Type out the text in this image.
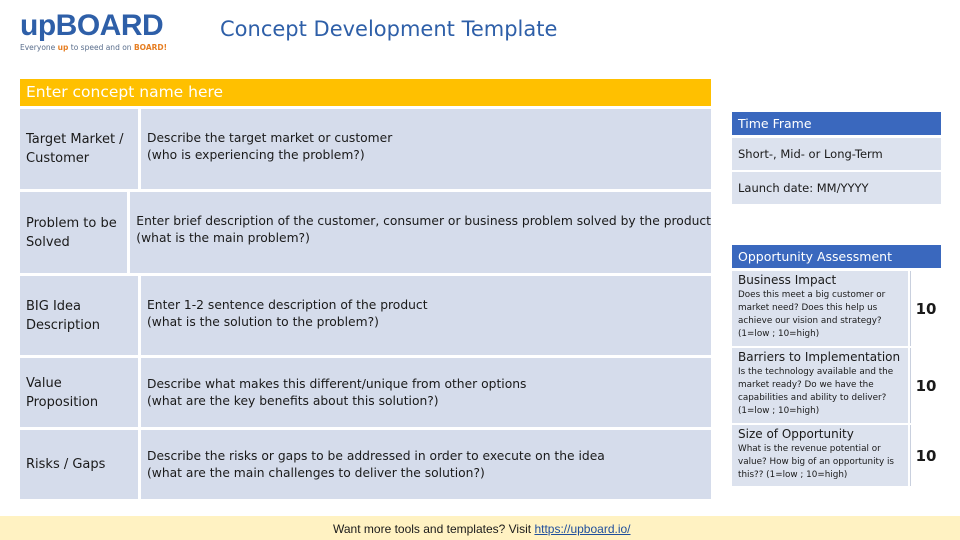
upBOARD
Everyone up to speed and on BOARD!
Concept Development Template
Enter concept name here
Target Market /
Customer
Describe the target market or customer
(who is experiencing the problem?)
Problem to be
Solved
Enter brief description of the customer, consumer or business problem solved by the product
(what is the main problem?)
BIG Idea
Description
Enter 1-2 sentence description of the product
(what is the solution to the problem?)
Value
Proposition
Describe what makes this different/unique from other options
(what are the key benefits about this solution?)
Risks / Gaps
Describe the risks or gaps to be addressed in order to execute on the idea
(what are the main challenges to deliver the solution?)
Time Frame
Short-, Mid- or Long-Term
Launch date: MM/YYYY
Opportunity Assessment
Business Impact
Does this meet a big customer or market need? Does this help us achieve our vision and strategy? (1=low ; 10=high)
10
Barriers to Implementation
Is the technology available and the market ready? Do we have the capabilities and ability to deliver? (1=low ; 10=high)
10
Size of Opportunity
What is the revenue potential or value? How big of an opportunity is this?? (1=low ; 10=high)
10
Want more tools and templates? Visit https://upboard.io/
